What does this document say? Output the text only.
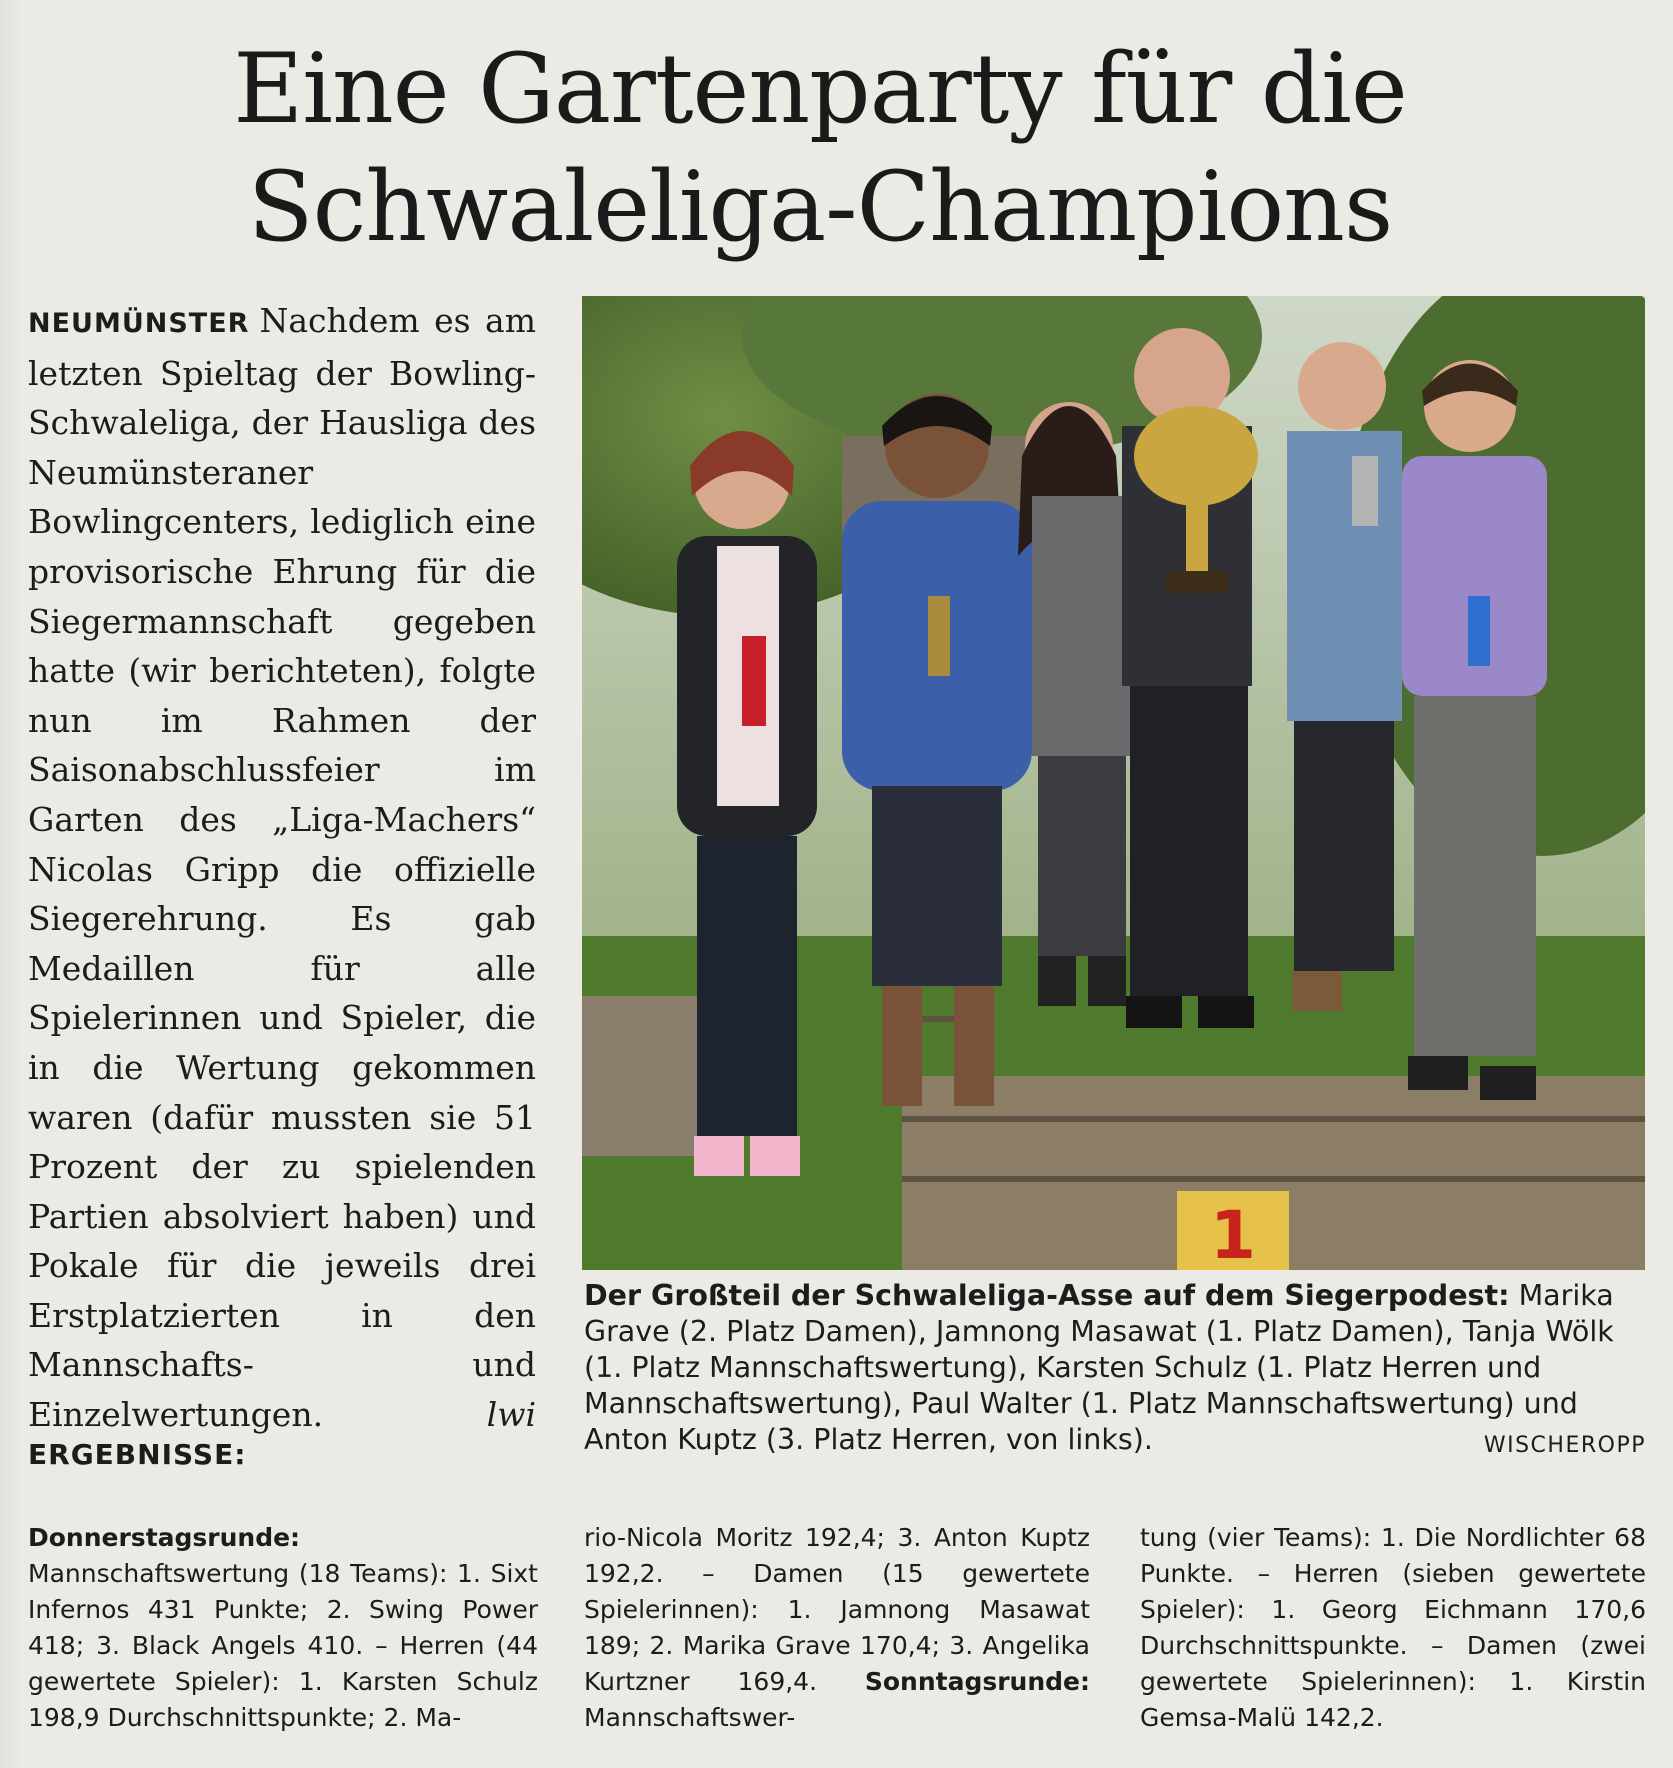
Eine Gartenparty für die
Schwaleliga-Champions

NEUMÜNSTER Nachdem es am letzten Spieltag der Bowling-Schwaleliga, der Hausliga des Neumünsteraner Bowlingcenters, lediglich eine provisorische Ehrung für die Siegermannschaft gegeben hatte (wir berichteten), folgte nun im Rahmen der Saisonabschlussfeier im Garten des „Liga-Machers“ Nicolas Gripp die offizielle Siegerehrung. Es gab Medaillen für alle Spielerinnen und Spieler, die in die Wertung gekommen waren (dafür mussten sie 51 Prozent der zu spielenden Partien absolviert haben) und Pokale für die jeweils drei Erstplatzierten in den Mannschafts- und Einzelwertungen.	lwi

1

Der Großteil der Schwaleliga-Asse auf dem Siegerpodest: Marika Grave (2. Platz Damen), Jamnong Masawat (1. Platz Damen), Tanja Wölk (1. Platz Mannschaftswertung), Karsten Schulz (1. Platz Herren und Mannschaftswertung), Paul Walter (1. Platz Mannschaftswertung) und Anton Kuptz (3. Platz Herren, von links).	WISCHEROPP

ERGEBNISSE:

Donnerstagsrunde: Mannschaftswertung (18 Teams): 1. Sixt Infernos 431 Punkte; 2. Swing Power 418; 3. Black Angels 410. – Herren (44 gewertete Spieler): 1. Karsten Schulz 198,9 Durchschnittspunkte; 2. Ma-

rio-Nicola Moritz 192,4; 3. Anton Kuptz 192,2. – Damen (15 gewertete Spielerinnen): 1. Jamnong Masawat 189; 2. Marika Grave 170,4; 3. Angelika Kurtzner 169,4. Sonntagsrunde: Mannschaftswer-

tung (vier Teams): 1. Die Nordlichter 68 Punkte. – Herren (sieben gewertete Spieler): 1. Georg Eichmann 170,6 Durchschnittspunkte. – Damen (zwei gewertete Spielerinnen): 1. Kirstin Gemsa-Malü 142,2.
